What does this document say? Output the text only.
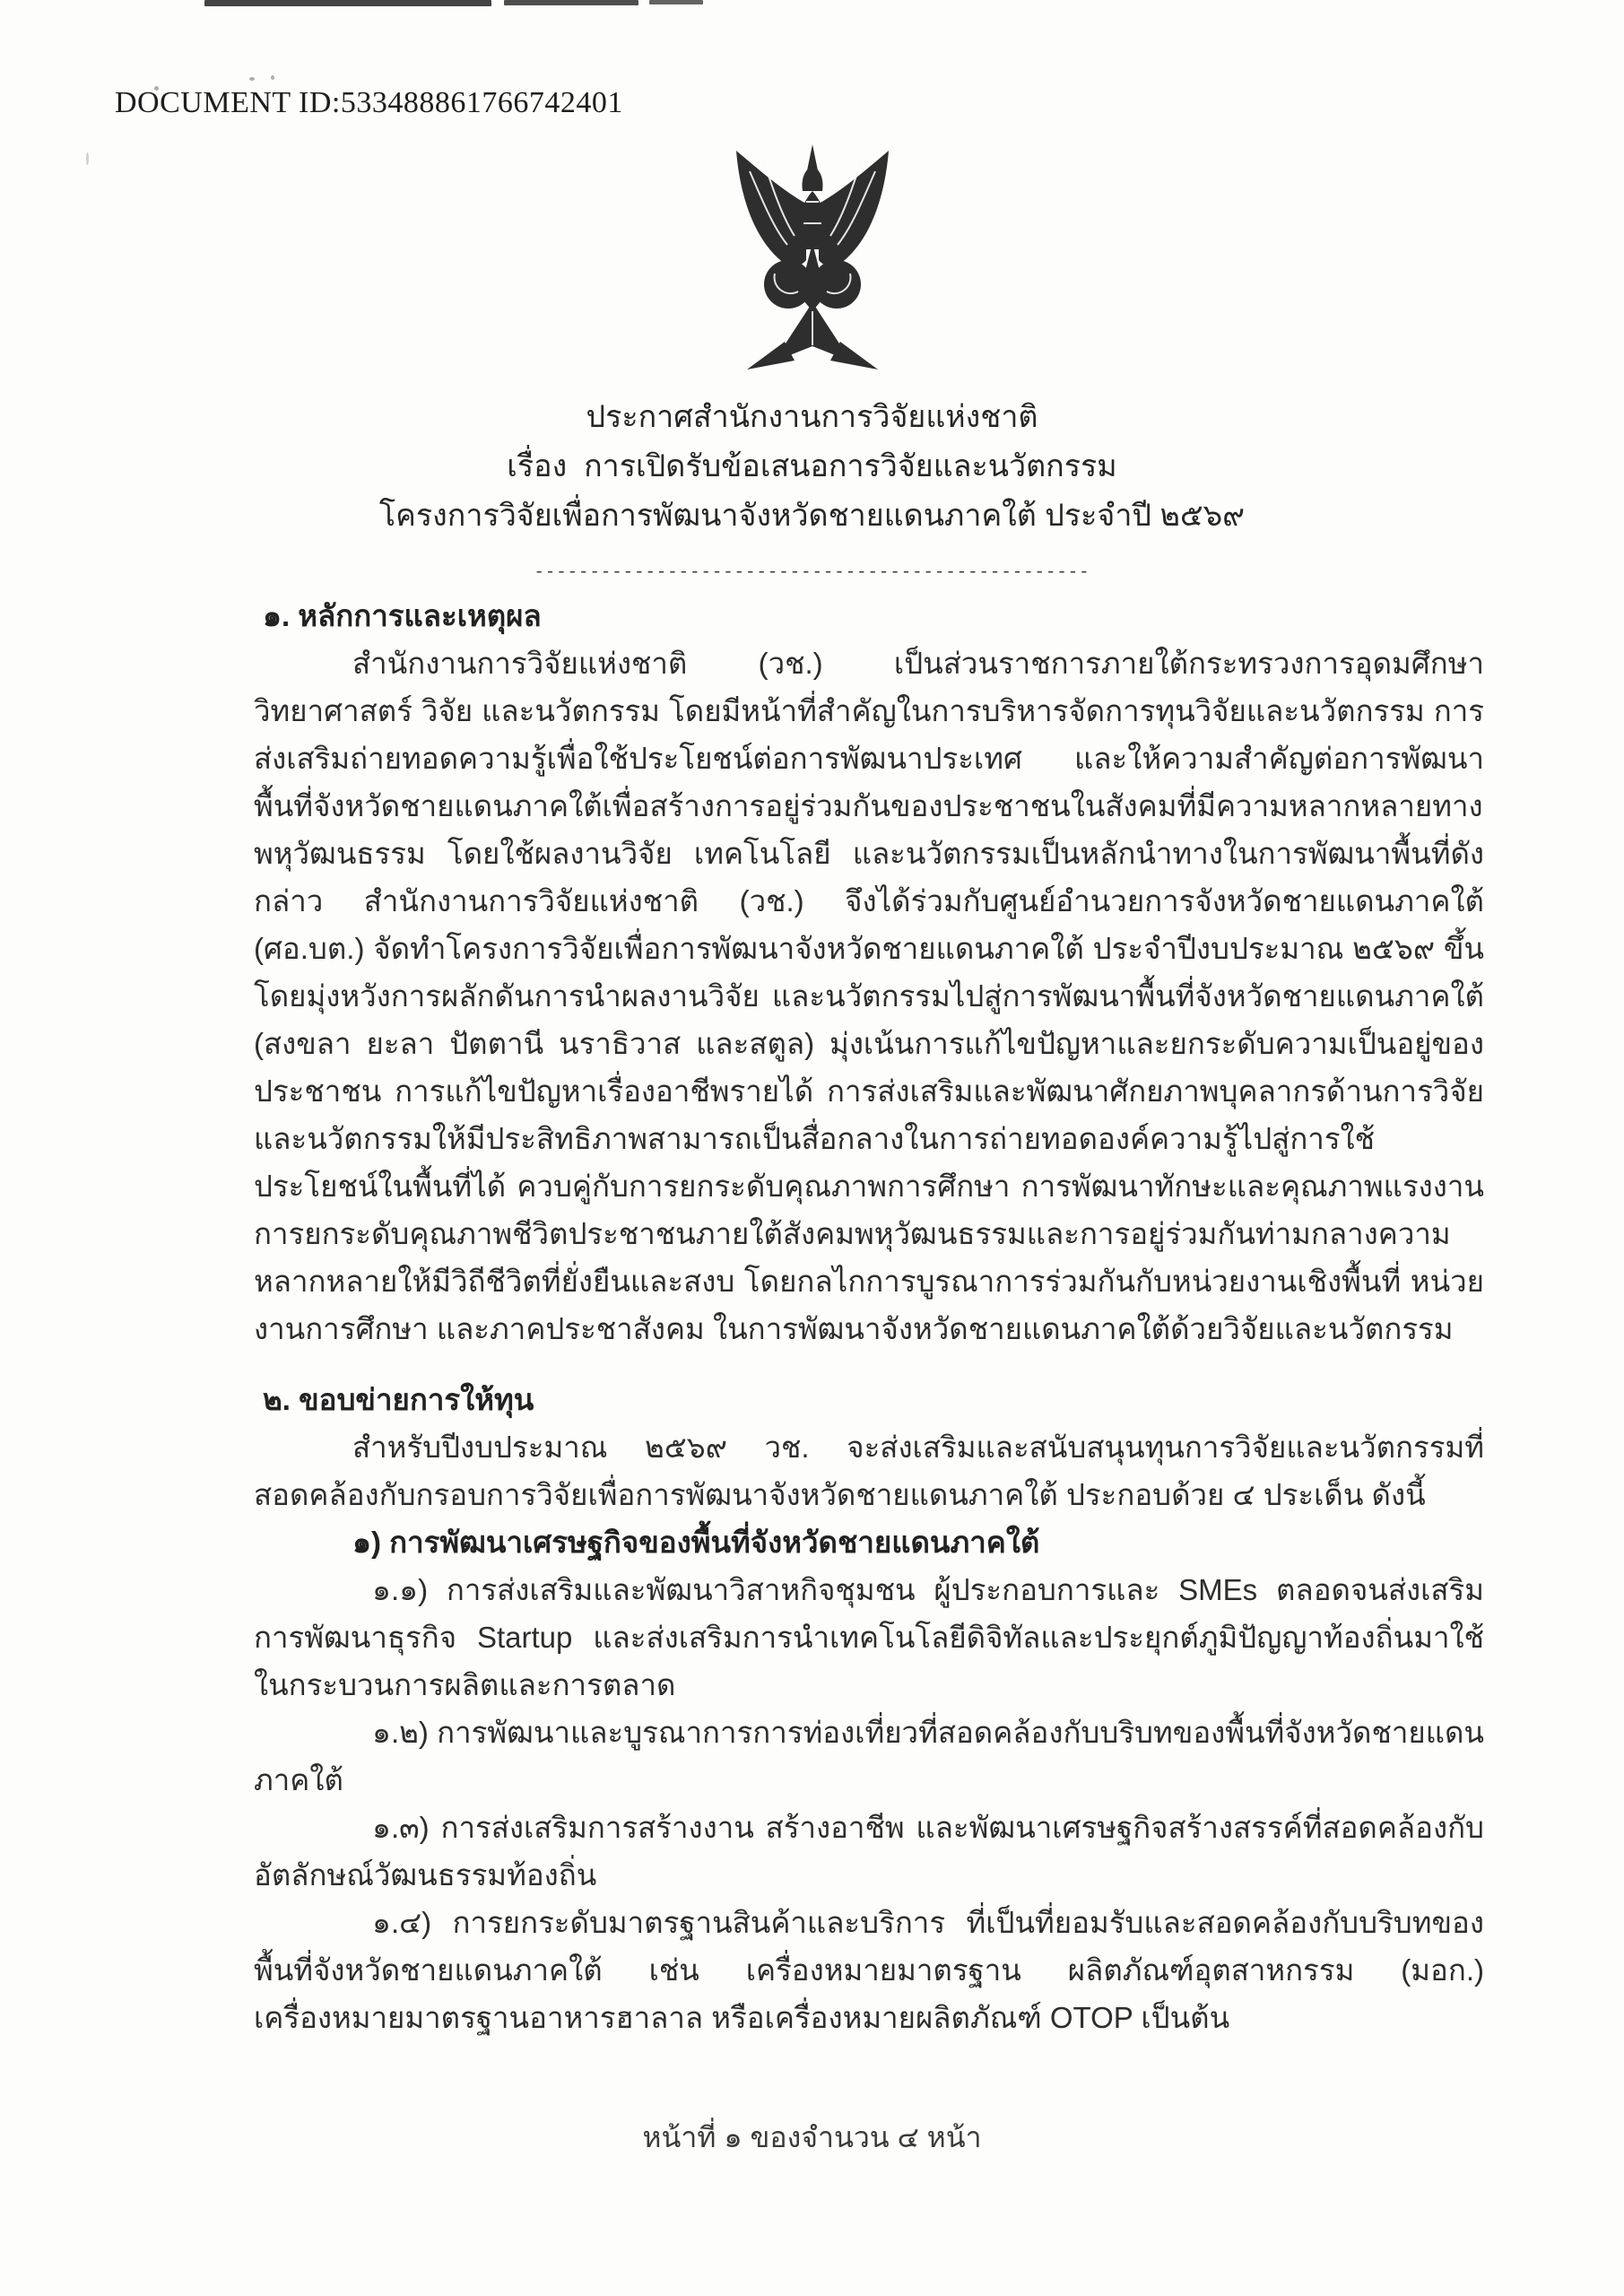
DOCUMENT ID:533488861766742401
ประกาศสำนักงานการวิจัยแห่งชาติ
เรื่อง  การเปิดรับข้อเสนอการวิจัยและนวัตกรรม
โครงการวิจัยเพื่อการพัฒนาจังหวัดชายแดนภาคใต้ ประจำปี ๒๕๖๙
--------------------------------------------------
๑. หลักการและเหตุผล

สำนักงานการวิจัยแห่งชาติ (วช.) เป็นส่วนราชการภายใต้กระทรวงการอุดมศึกษา วิทยาศาสตร์ วิจัย และนวัตกรรม โดยมีหน้าที่สำคัญในการบริหารจัดการทุนวิจัยและนวัตกรรม การส่งเสริมถ่ายทอดความรู้เพื่อใช้ประโยชน์ต่อการพัฒนาประเทศ และให้ความสำคัญต่อการพัฒนาพื้นที่จังหวัดชายแดนภาคใต้เพื่อสร้างการอยู่ร่วมกันของประชาชนในสังคมที่มีความหลากหลายทางพหุวัฒนธรรม โดยใช้ผลงานวิจัย เทคโนโลยี และนวัตกรรมเป็นหลักนำทางในการพัฒนาพื้นที่ดังกล่าว สำนักงานการวิจัยแห่งชาติ (วช.) จึงได้ร่วมกับศูนย์อำนวยการจังหวัดชายแดนภาคใต้ (ศอ.บต.) จัดทำโครงการวิจัยเพื่อการพัฒนาจังหวัดชายแดนภาคใต้ ประจำปีงบประมาณ ๒๕๖๙ ขึ้น โดยมุ่งหวังการผลักดันการนำผลงานวิจัย และนวัตกรรมไปสู่การพัฒนาพื้นที่จังหวัดชายแดนภาคใต้ (สงขลา ยะลา ปัตตานี นราธิวาส และสตูล) มุ่งเน้นการแก้ไขปัญหาและยกระดับความเป็นอยู่ของประชาชน การแก้ไขปัญหาเรื่องอาชีพรายได้ การส่งเสริมและพัฒนาศักยภาพบุคลากรด้านการวิจัยและนวัตกรรมให้มีประสิทธิภาพสามารถเป็นสื่อกลางในการถ่ายทอดองค์ความรู้ไปสู่การใช้ประโยชน์ในพื้นที่ได้ ควบคู่กับการยกระดับคุณภาพการศึกษา การพัฒนาทักษะและคุณภาพแรงงาน การยกระดับคุณภาพชีวิตประชาชนภายใต้สังคมพหุวัฒนธรรมและการอยู่ร่วมกันท่ามกลางความหลากหลายให้มีวิถีชีวิตที่ยั่งยืนและสงบ โดยกลไกการบูรณาการร่วมกันกับหน่วยงานเชิงพื้นที่ หน่วยงานการศึกษา และภาคประชาสังคม ในการพัฒนาจังหวัดชายแดนภาคใต้ด้วยวิจัยและนวัตกรรม

๒. ขอบข่ายการให้ทุน

สำหรับปีงบประมาณ ๒๕๖๙ วช. จะส่งเสริมและสนับสนุนทุนการวิจัยและนวัตกรรมที่สอดคล้องกับกรอบการวิจัยเพื่อการพัฒนาจังหวัดชายแดนภาคใต้ ประกอบด้วย ๔ ประเด็น ดังนี้

๑) การพัฒนาเศรษฐกิจของพื้นที่จังหวัดชายแดนภาคใต้

๑.๑) การส่งเสริมและพัฒนาวิสาหกิจชุมชน ผู้ประกอบการและ SMEs ตลอดจนส่งเสริมการพัฒนาธุรกิจ Startup และส่งเสริมการนำเทคโนโลยีดิจิทัลและประยุกต์ภูมิปัญญาท้องถิ่นมาใช้ในกระบวนการผลิตและการตลาด

๑.๒) การพัฒนาและบูรณาการการท่องเที่ยวที่สอดคล้องกับบริบทของพื้นที่จังหวัดชายแดนภาคใต้

๑.๓) การส่งเสริมการสร้างงาน สร้างอาชีพ และพัฒนาเศรษฐกิจสร้างสรรค์ที่สอดคล้องกับอัตลักษณ์วัฒนธรรมท้องถิ่น

๑.๔) การยกระดับมาตรฐานสินค้าและบริการ ที่เป็นที่ยอมรับและสอดคล้องกับบริบทของพื้นที่จังหวัดชายแดนภาคใต้ เช่น เครื่องหมายมาตรฐาน ผลิตภัณฑ์อุตสาหกรรม (มอก.) เครื่องหมายมาตรฐานอาหารฮาลาล หรือเครื่องหมายผลิตภัณฑ์ OTOP เป็นต้น

หน้าที่ ๑ ของจำนวน ๔ หน้า
